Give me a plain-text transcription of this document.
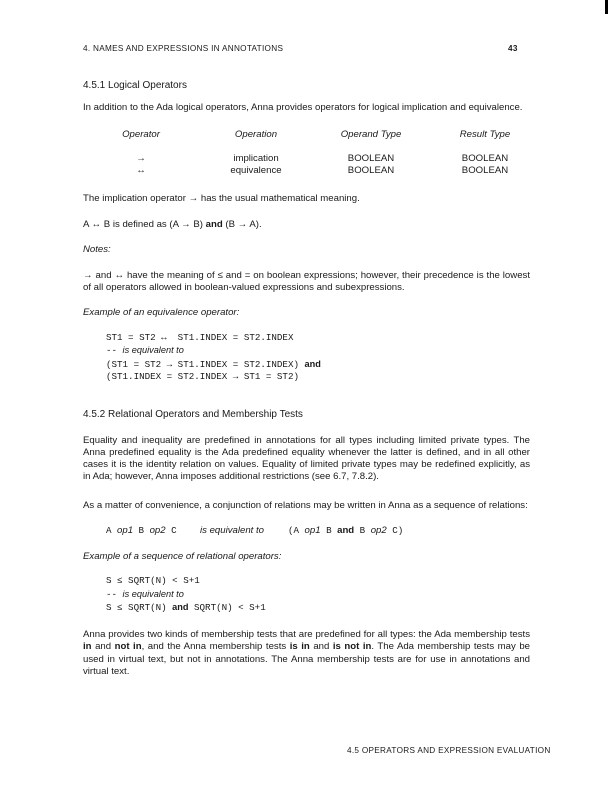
4. NAMES AND EXPRESSIONS IN ANNOTATIONS	43
4.5.1 Logical Operators
In addition to the Ada logical operators, Anna provides operators for logical implication and equivalence.
Operator	Operation	Operand Type	Result Type
→	implication	BOOLEAN	BOOLEAN
↔	equivalence	BOOLEAN	BOOLEAN
The implication operator → has the usual mathematical meaning.
A ↔ B is defined as (A → B) and (B → A).
Notes:
→ and ↔ have the meaning of ≤ and = on boolean expressions; however, their precedence is the lowest of all operators allowed in boolean-valued expressions and subexpressions.
Example of an equivalence operator:
ST1 = ST2 ↔  ST1.INDEX = ST2.INDEX
-- is equivalent to
(ST1 = ST2 → ST1.INDEX = ST2.INDEX) and
(ST1.INDEX = ST2.INDEX → ST1 = ST2)
4.5.2 Relational Operators and Membership Tests
Equality and inequality are predefined in annotations for all types including limited private types. The Anna predefined equality is the Ada predefined equality whenever the latter is defined, and in all other cases it is the identity relation on values. Equality of limited private types may be redefined explicitly, as in Ada; however, Anna imposes additional restrictions (see 6.7, 7.8.2).
As a matter of convenience, a conjunction of relations may be written in Anna as a sequence of relations:
A op1 B op2 C is equivalent to	(A op1 B and B op2 C)
Example of a sequence of relational operators:
S ≤ SQRT(N) < S+1
-- is equivalent to
S ≤ SQRT(N) and SQRT(N) < S+1
Anna provides two kinds of membership tests that are predefined for all types: the Ada membership tests in and not in, and the Anna membership tests is in and is not in. The Ada membership tests may be used in virtual text, but not in annotations. The Anna membership tests are for use in annotations and virtual text.
4.5 OPERATORS AND EXPRESSION EVALUATION
